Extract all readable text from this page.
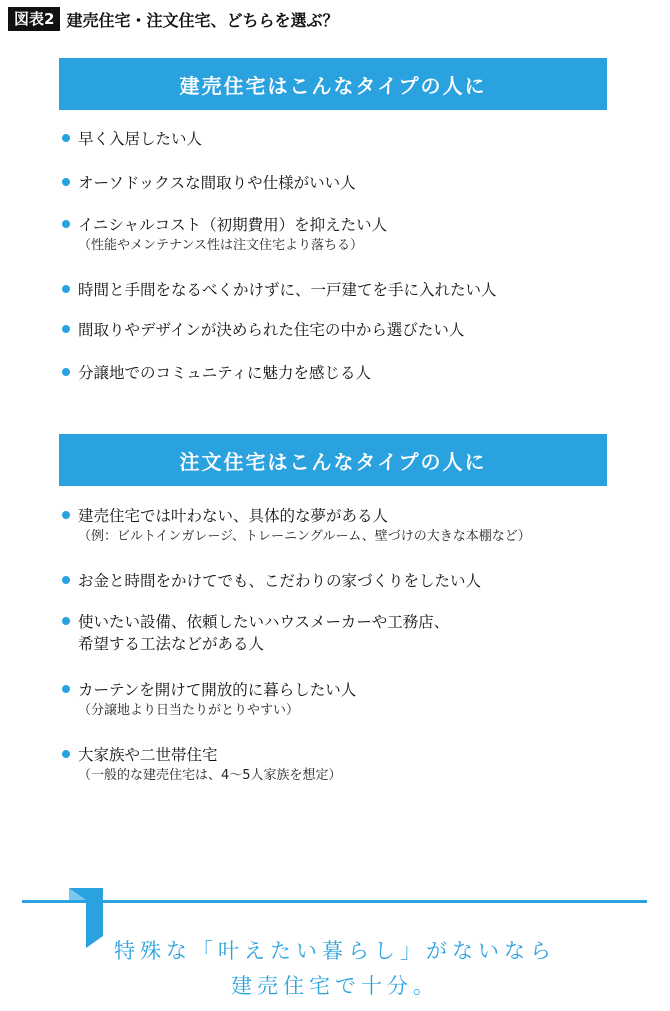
図表2 建売住宅・注文住宅、どちらを選ぶ？
建売住宅はこんなタイプの人に
早く入居したい人
オーソドックスな間取りや仕様がいい人
イニシャルコスト（初期費用）を抑えたい人
（性能やメンテナンス性は注文住宅より落ちる）
時間と手間をなるべくかけずに、一戸建てを手に入れたい人
間取りやデザインが決められた住宅の中から選びたい人
分譲地でのコミュニティに魅力を感じる人
注文住宅はこんなタイプの人に
建売住宅では叶わない、具体的な夢がある人
（例：ビルトインガレージ、トレーニングルーム、壁づけの大きな本棚など）
お金と時間をかけてでも、こだわりの家づくりをしたい人
使いたい設備、依頼したいハウスメーカーや工務店、
希望する工法などがある人
カーテンを開けて開放的に暮らしたい人
（分譲地より日当たりがとりやすい）
大家族や二世帯住宅
（一般的な建売住宅は、4～5人家族を想定）
特殊な「叶えたい暮らし」がないなら
建売住宅で十分。
